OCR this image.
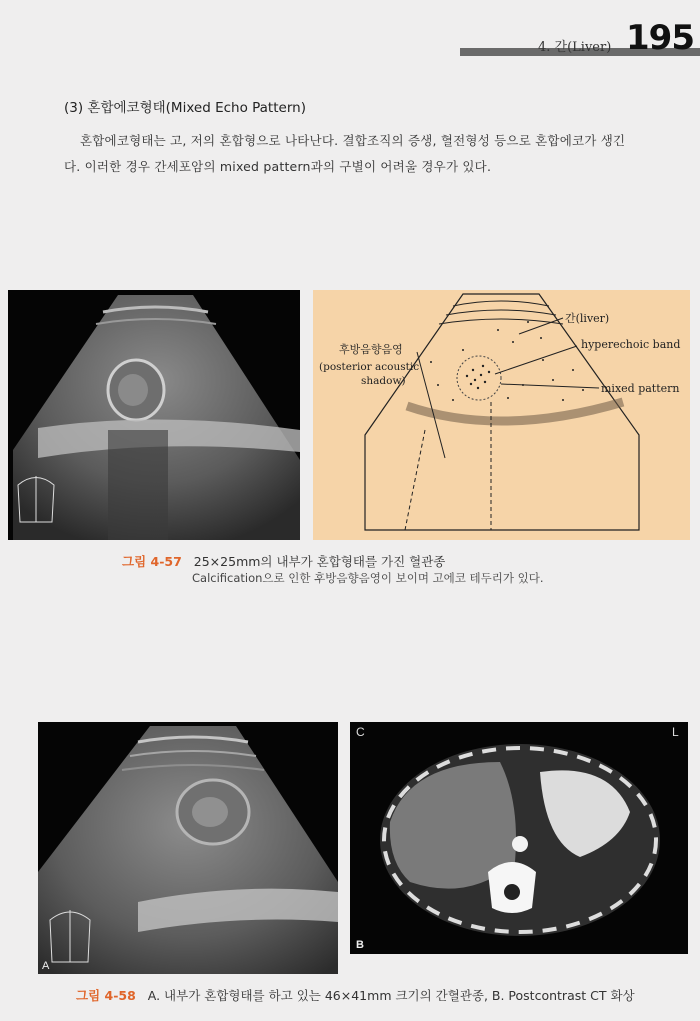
4. 간(Liver) 195
(3) 혼합에코형태(Mixed Echo Pattern)

혼합에코형태는 고, 저의 혼합형으로 나타난다. 결합조직의 증생, 혈전형성 등으로 혼합에코가 생긴

다. 이러한 경우 간세포암의 mixed pattern과의 구별이 어려울 경우가 있다.
간(liver)
hyperechoic band
mixed pattern
후방음향음영
(posterior acoustic
shadow)
그림 4-57 25×25mm의 내부가 혼합형태를 가진 혈관종
Calcification으로 인한 후방음향음영이 보이며 고에코 테두리가 있다.
A
C	L
B
그림 4-58 A. 내부가 혼합형태를 하고 있는 46×41mm 크기의 간혈관종, B. Postcontrast CT 화상
